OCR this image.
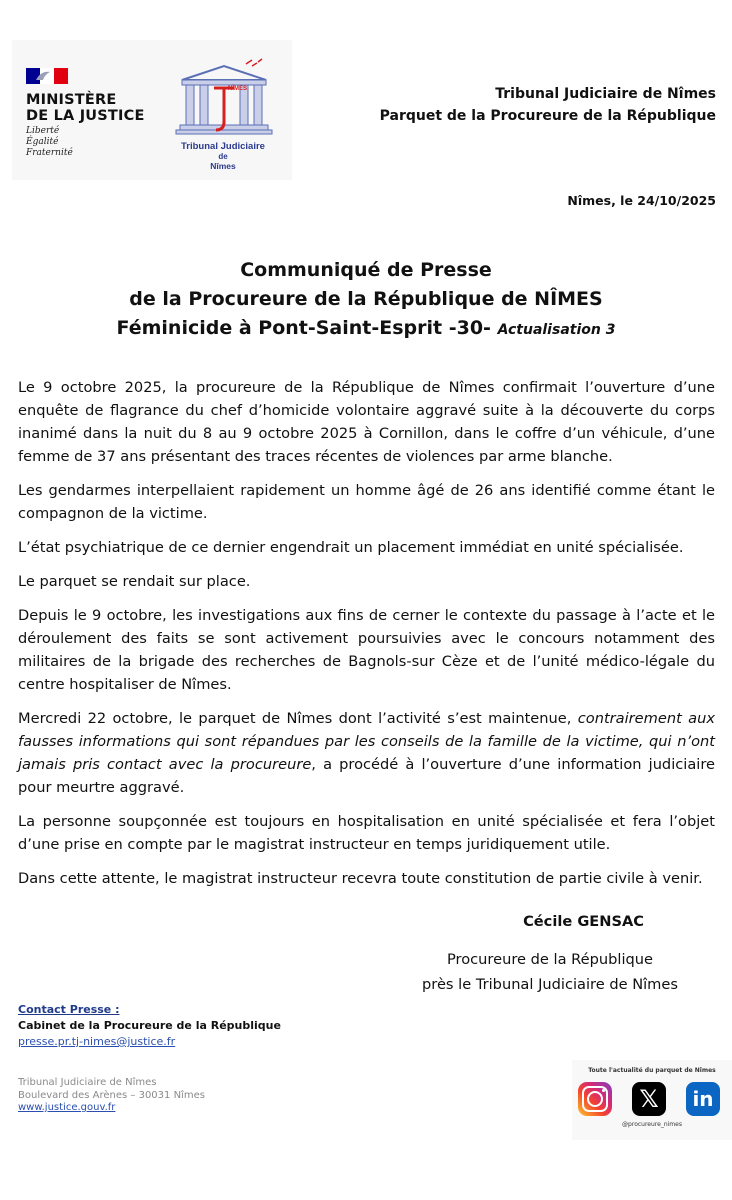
MINISTÈRE
DE LA JUSTICE
Liberté
Égalité
Fraternité
NÎMES
Tribunal Judiciaire
de
Nîmes
Tribunal Judiciaire de Nîmes
Parquet de la Procureure de la République
Nîmes, le 24/10/2025
Communiqué de Presse
de la Procureure de la République de NÎMES
Féminicide à Pont-Saint-Esprit -30- Actualisation 3

Le 9 octobre 2025, la procureure de la République de Nîmes confirmait l’ouverture d’une enquête de flagrance du chef d’homicide volontaire aggravé suite à la découverte du corps inanimé dans la nuit du 8 au 9 octobre 2025 à Cornillon, dans le coffre d’un véhicule, d’une femme de 37 ans présentant des traces récentes de violences par arme blanche.

Les gendarmes interpellaient rapidement un homme âgé de 26 ans identifié comme étant le compagnon de la victime.

L’état psychiatrique de ce dernier engendrait un placement immédiat en unité spécialisée.

Le parquet se rendait sur place.

Depuis le 9 octobre, les investigations aux fins de cerner le contexte du passage à l’acte et le déroulement des faits se sont activement poursuivies avec le concours notamment des militaires de la brigade des recherches de Bagnols-sur Cèze et de l’unité médico-légale du centre hospitaliser de Nîmes.

Mercredi 22 octobre, le parquet de Nîmes dont l’activité s’est maintenue, contrairement aux fausses informations qui sont répandues par les conseils de la famille de la victime, qui n’ont jamais pris contact avec la procureure, a procédé à l’ouverture d’une information judiciaire pour meurtre aggravé.

La personne soupçonnée est toujours en hospitalisation en unité spécialisée et fera l’objet d’une prise en compte par le magistrat instructeur en temps juridiquement utile.

Dans cette attente, le magistrat instructeur recevra toute constitution de partie civile à venir.

Cécile GENSAC
Procureure de la République
près le Tribunal Judiciaire de Nîmes
Contact Presse :
Cabinet de la Procureure de la République
presse.pr.tj-nimes@justice.fr
Tribunal Judiciaire de Nîmes
Boulevard des Arènes – 30031 Nîmes
www.justice.gouv.fr
Toute l'actualité du parquet de Nîmes
𝕏	in
@procureure_nimes
